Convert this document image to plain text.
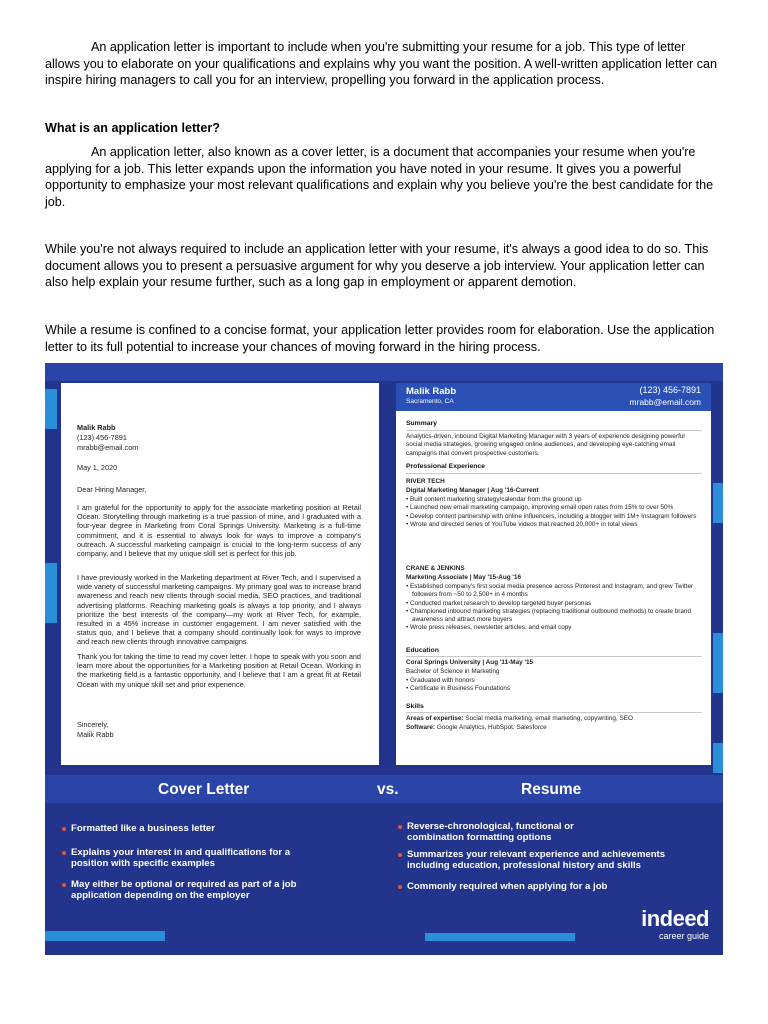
An application letter is important to include when you're submitting your resume for a job. This type of letter allows you to elaborate on your qualifications and explains why you want the position. A well-written application letter can inspire hiring managers to call you for an interview, propelling you forward in the application process.

What is an application letter?

An application letter, also known as a cover letter, is a document that accompanies your resume when you're applying for a job. This letter expands upon the information you have noted in your resume. It gives you a powerful opportunity to emphasize your most relevant qualifications and explain why you believe you're the best candidate for the job.

While you're not always required to include an application letter with your resume, it's always a good idea to do so. This document allows you to present a persuasive argument for why you deserve a job interview. Your application letter can also help explain your resume further, such as a long gap in employment or apparent demotion.

While a resume is confined to a concise format, your application letter provides room for elaboration. Use the application letter to its full potential to increase your chances of moving forward in the hiring process.

Malik Rabb
(123) 456-7891
mrabb@email.com
May 1, 2020
Dear Hiring Manager,

I am grateful for the opportunity to apply for the associate marketing position at Retail Ocean. Storytelling through marketing is a true passion of mine, and I graduated with a four-year degree in Marketing from Coral Springs University. Marketing is a full-time commitment, and it is essential to always look for ways to improve a company's outreach. A successful marketing campaign is crucial to the long-term success of any company, and I believe that my unique skill set is perfect for this job.

I have previously worked in the Marketing department at River Tech, and I supervised a wide variety of successful marketing campaigns. My primary goal was to increase brand awareness and reach new clients through social media, SEO practices, and traditional advertising platforms. Reaching marketing goals is always a top priority, and I always prioritize the best interests of the company—my work at River Tech, for example, resulted in a 45% increase in customer engagement. I am never satisfied with the status quo, and I believe that a company should continually look for ways to improve and reach new clients through innovative campaigns.

Thank you for taking the time to read my cover letter. I hope to speak with you soon and learn more about the opportunities for a Marketing position at Retail Ocean. Working in the marketing field is a fantastic opportunity, and I believe that I am a great fit at Retail Ocean with my unique skill set and prior experience.

Sincerely,
Malik Rabb
Malik Rabb
Sacramento, CA
(123) 456-7891
mrabb@email.com
Summary

Analytics-driven, inbound Digital Marketing Manager with 3 years of experience designing powerful social media strategies, growing engaged online audiences, and developing eye-catching email campaigns that convert prospective customers.

Professional Experience
RIVER TECH
Digital Marketing Manager | Aug '16-Current
• Built content marketing strategy/calendar from the ground up
• Launched new email marketing campaign, improving email open rates from 15% to over 50%
• Develop content partnership with online influencers, including a blogger with 1M+ Instagram followers
• Wrote and directed series of YouTube videos that reached 20,000+ in total views
CRANE & JENKINS
Marketing Associate | May '15-Aug '16
• Established company's first social media presence across Pinterest and Instagram, and grew Twitter followers from ~50 to 2,500+ in 4 months
• Conducted market research to develop targeted buyer personas
• Championed inbound marketing strategies (replacing traditional outbound methods) to create brand awareness and attract more buyers
• Wrote press releases, newsletter articles, and email copy
Education
Coral Springs University | Aug '11-May '15
Bachelor of Science in Marketing
• Graduated with honors
• Certificate in Business Foundations
Skills
Areas of expertise: Social media marketing, email marketing, copywriting, SEO
Software: Google Analytics, HubSpot, Salesforce
Cover Letter	vs.	Resume
Formatted like a business letter
Explains your interest in and qualifications for a position with specific examples
May either be optional or required as part of a job application depending on the employer
Reverse-chronological, functional or combination formatting options
Summarizes your relevant experience and achievements including education, professional history and skills
Commonly required when applying for a job
indeed
career guide
